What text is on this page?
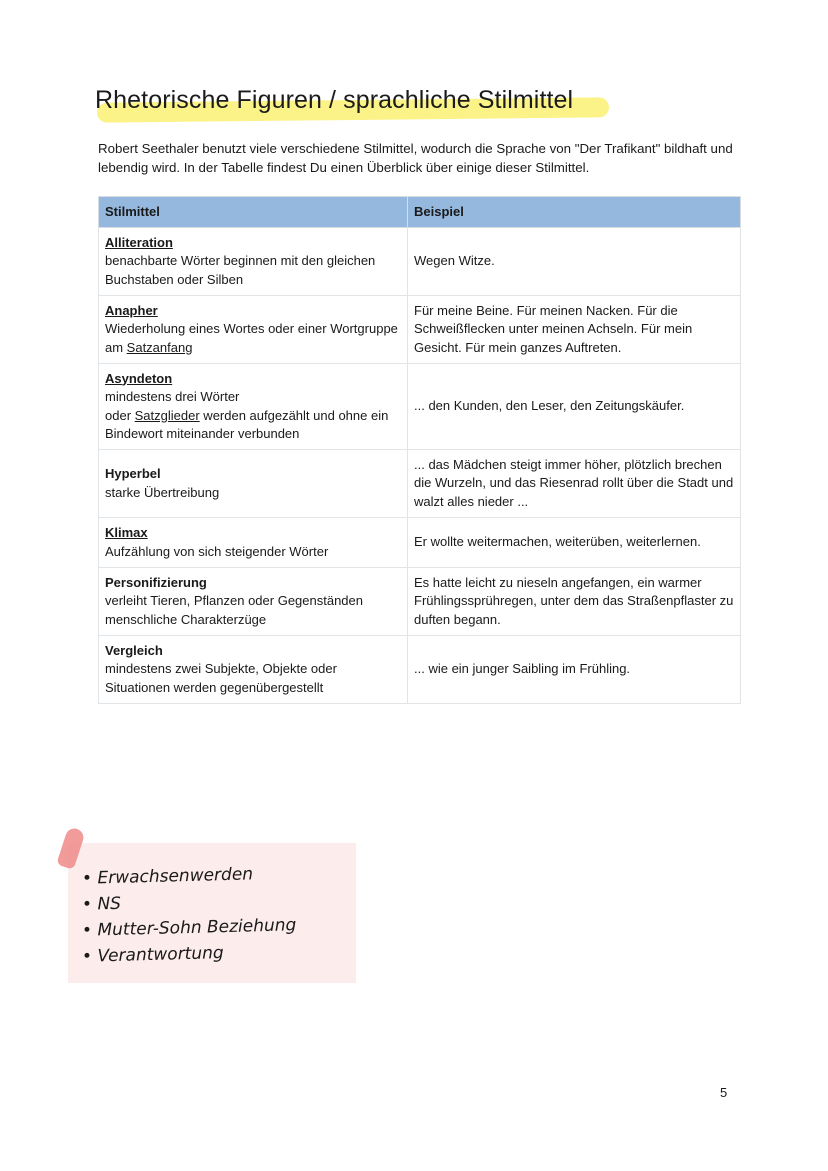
Rhetorische Figuren / sprachliche Stilmittel

Robert Seethaler benutzt viele verschiedene Stilmittel, wodurch die Sprache von "Der Trafikant" bildhaft und lebendig wird. In der Tabelle findest Du einen Überblick über einige dieser Stilmittel.

Stilmittel	Beispiel

Alliteration
benachbarte Wörter beginnen mit den gleichen Buchstaben oder Silben	Wegen Witze.

Anapher
Wiederholung eines Wortes oder einer Wortgruppe am Satzanfang	Für meine Beine. Für meinen Nacken. Für die Schweißflecken unter meinen Achseln. Für mein Gesicht. Für mein ganzes Auftreten.

Asyndeton
mindestens drei Wörter
oder Satzglieder werden aufgezählt und ohne ein Bindewort miteinander verbunden	... den Kunden, den Leser, den Zeitungskäufer.

Hyperbel
starke Übertreibung	... das Mädchen steigt immer höher, plötzlich brechen die Wurzeln, und das Riesenrad rollt über die Stadt und walzt alles nieder ...

Klimax
Aufzählung von sich steigender Wörter	Er wollte weitermachen, weiterüben, weiterlernen.

Personifizierung
verleiht Tieren, Pflanzen oder Gegenständen menschliche Charakterzüge	Es hatte leicht zu nieseln angefangen, ein warmer Frühlingssprühregen, unter dem das Straßenpflaster zu duften begann.

Vergleich
mindestens zwei Subjekte, Objekte oder Situationen werden gegenübergestellt	... wie ein junger Saibling im Frühling.
• Erwachsenwerden
• NS
• Mutter-Sohn Beziehung
• Verantwortung
5
